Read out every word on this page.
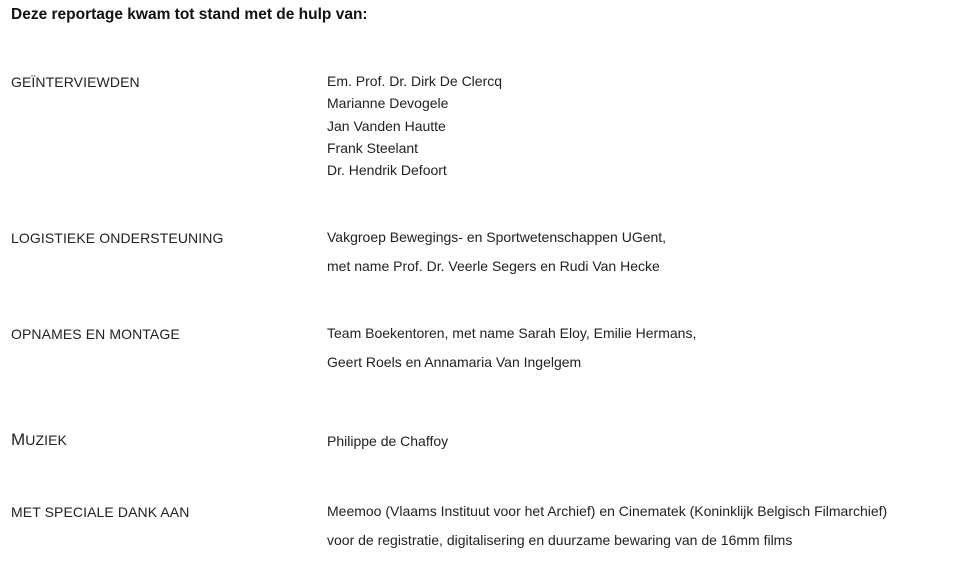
Deze reportage kwam tot stand met de hulp van:
GEÏNTERVIEWDEN	Em. Prof. Dr. Dirk De Clercq
Marianne Devogele
Jan Vanden Hautte
Frank Steelant
Dr. Hendrik Defoort
LOGISTIEKE ONDERSTEUNING	Vakgroep Bewegings- en Sportwetenschappen UGent,
met name Prof. Dr. Veerle Segers en Rudi Van Hecke
OPNAMES EN MONTAGE	Team Boekentoren, met name Sarah Eloy, Emilie Hermans,
Geert Roels en Annamaria Van Ingelgem
MUZIEK	Philippe de Chaffoy
MET SPECIALE DANK AAN	Meemoo (Vlaams Instituut voor het Archief) en Cinematek (Koninklijk Belgisch Filmarchief)
voor de registratie, digitalisering en duurzame bewaring van de 16mm films
